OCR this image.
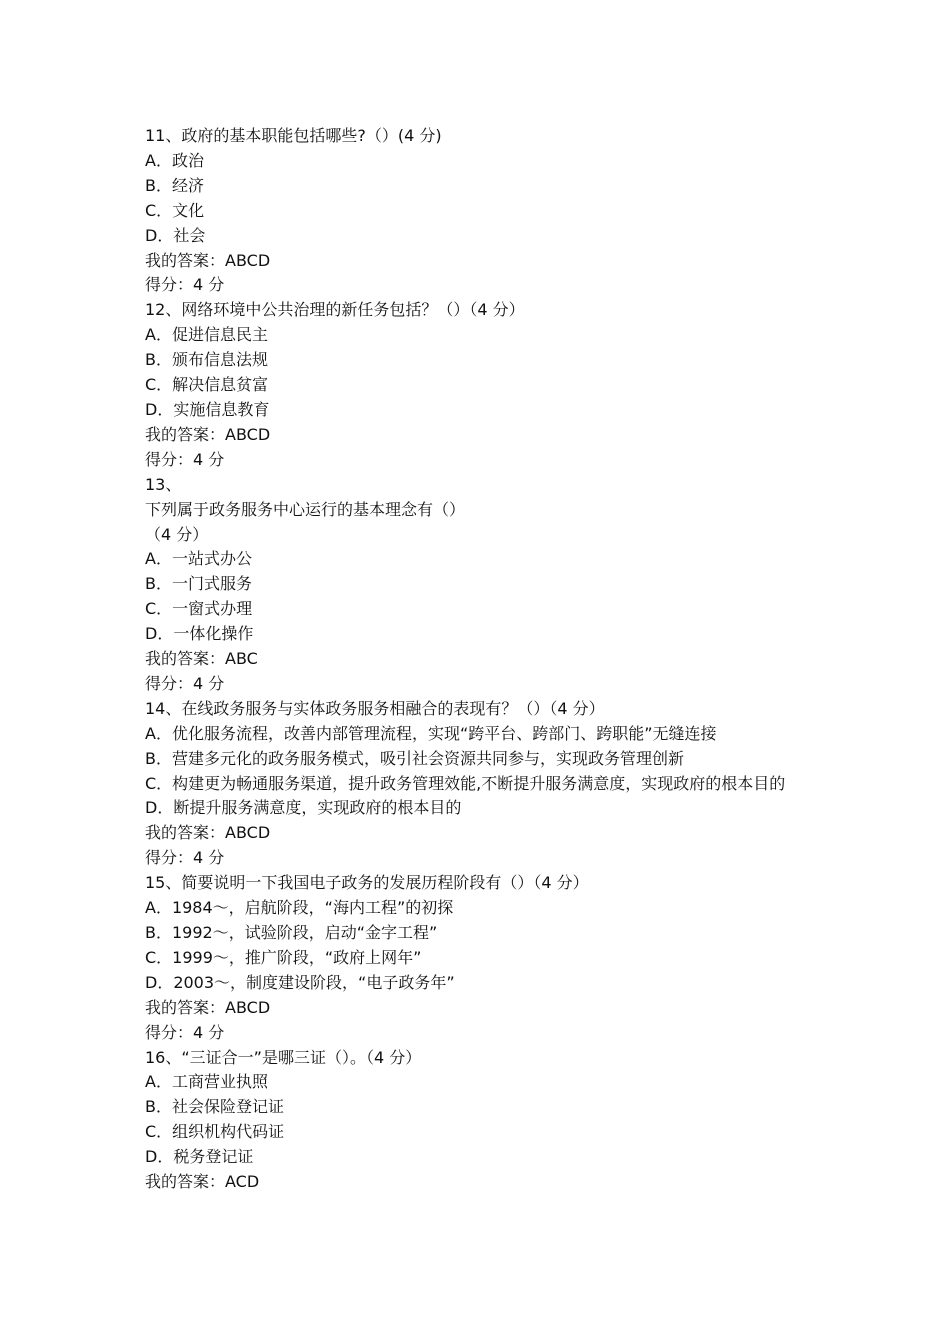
11、政府的基本职能包括哪些?（）(4 分)

A．政治

B．经济

C．文化

D．社会

我的答案：ABCD

得分：4 分

12、网络环境中公共治理的新任务包括？（）（4 分）

A．促进信息民主

B．颁布信息法规

C．解决信息贫富

D．实施信息教育

我的答案：ABCD

得分：4 分

13、

下列属于政务服务中心运行的基本理念有（）

（4 分）

A．一站式办公

B．一门式服务

C．一窗式办理

D．一体化操作

我的答案：ABC

得分：4 分

14、在线政务服务与实体政务服务相融合的表现有？（）（4 分）

A．优化服务流程，改善内部管理流程，实现“跨平台、跨部门、跨职能”无缝连接

B．营建多元化的政务服务模式，吸引社会资源共同参与，实现政务管理创新

C．构建更为畅通服务渠道，提升政务管理效能,不断提升服务满意度，实现政府的根本目的

D．断提升服务满意度，实现政府的根本目的

我的答案：ABCD

得分：4 分

15、简要说明一下我国电子政务的发展历程阶段有（）（4 分）

A．1984～，启航阶段，“海内工程”的初探

B．1992～，试验阶段，启动“金字工程”

C．1999～，推广阶段，“政府上网年”

D．2003～，制度建设阶段，“电子政务年”

我的答案：ABCD

得分：4 分

16、“三证合一”是哪三证（）。（4 分）

A．工商营业执照

B．社会保险登记证

C．组织机构代码证

D．税务登记证

我的答案：ACD
